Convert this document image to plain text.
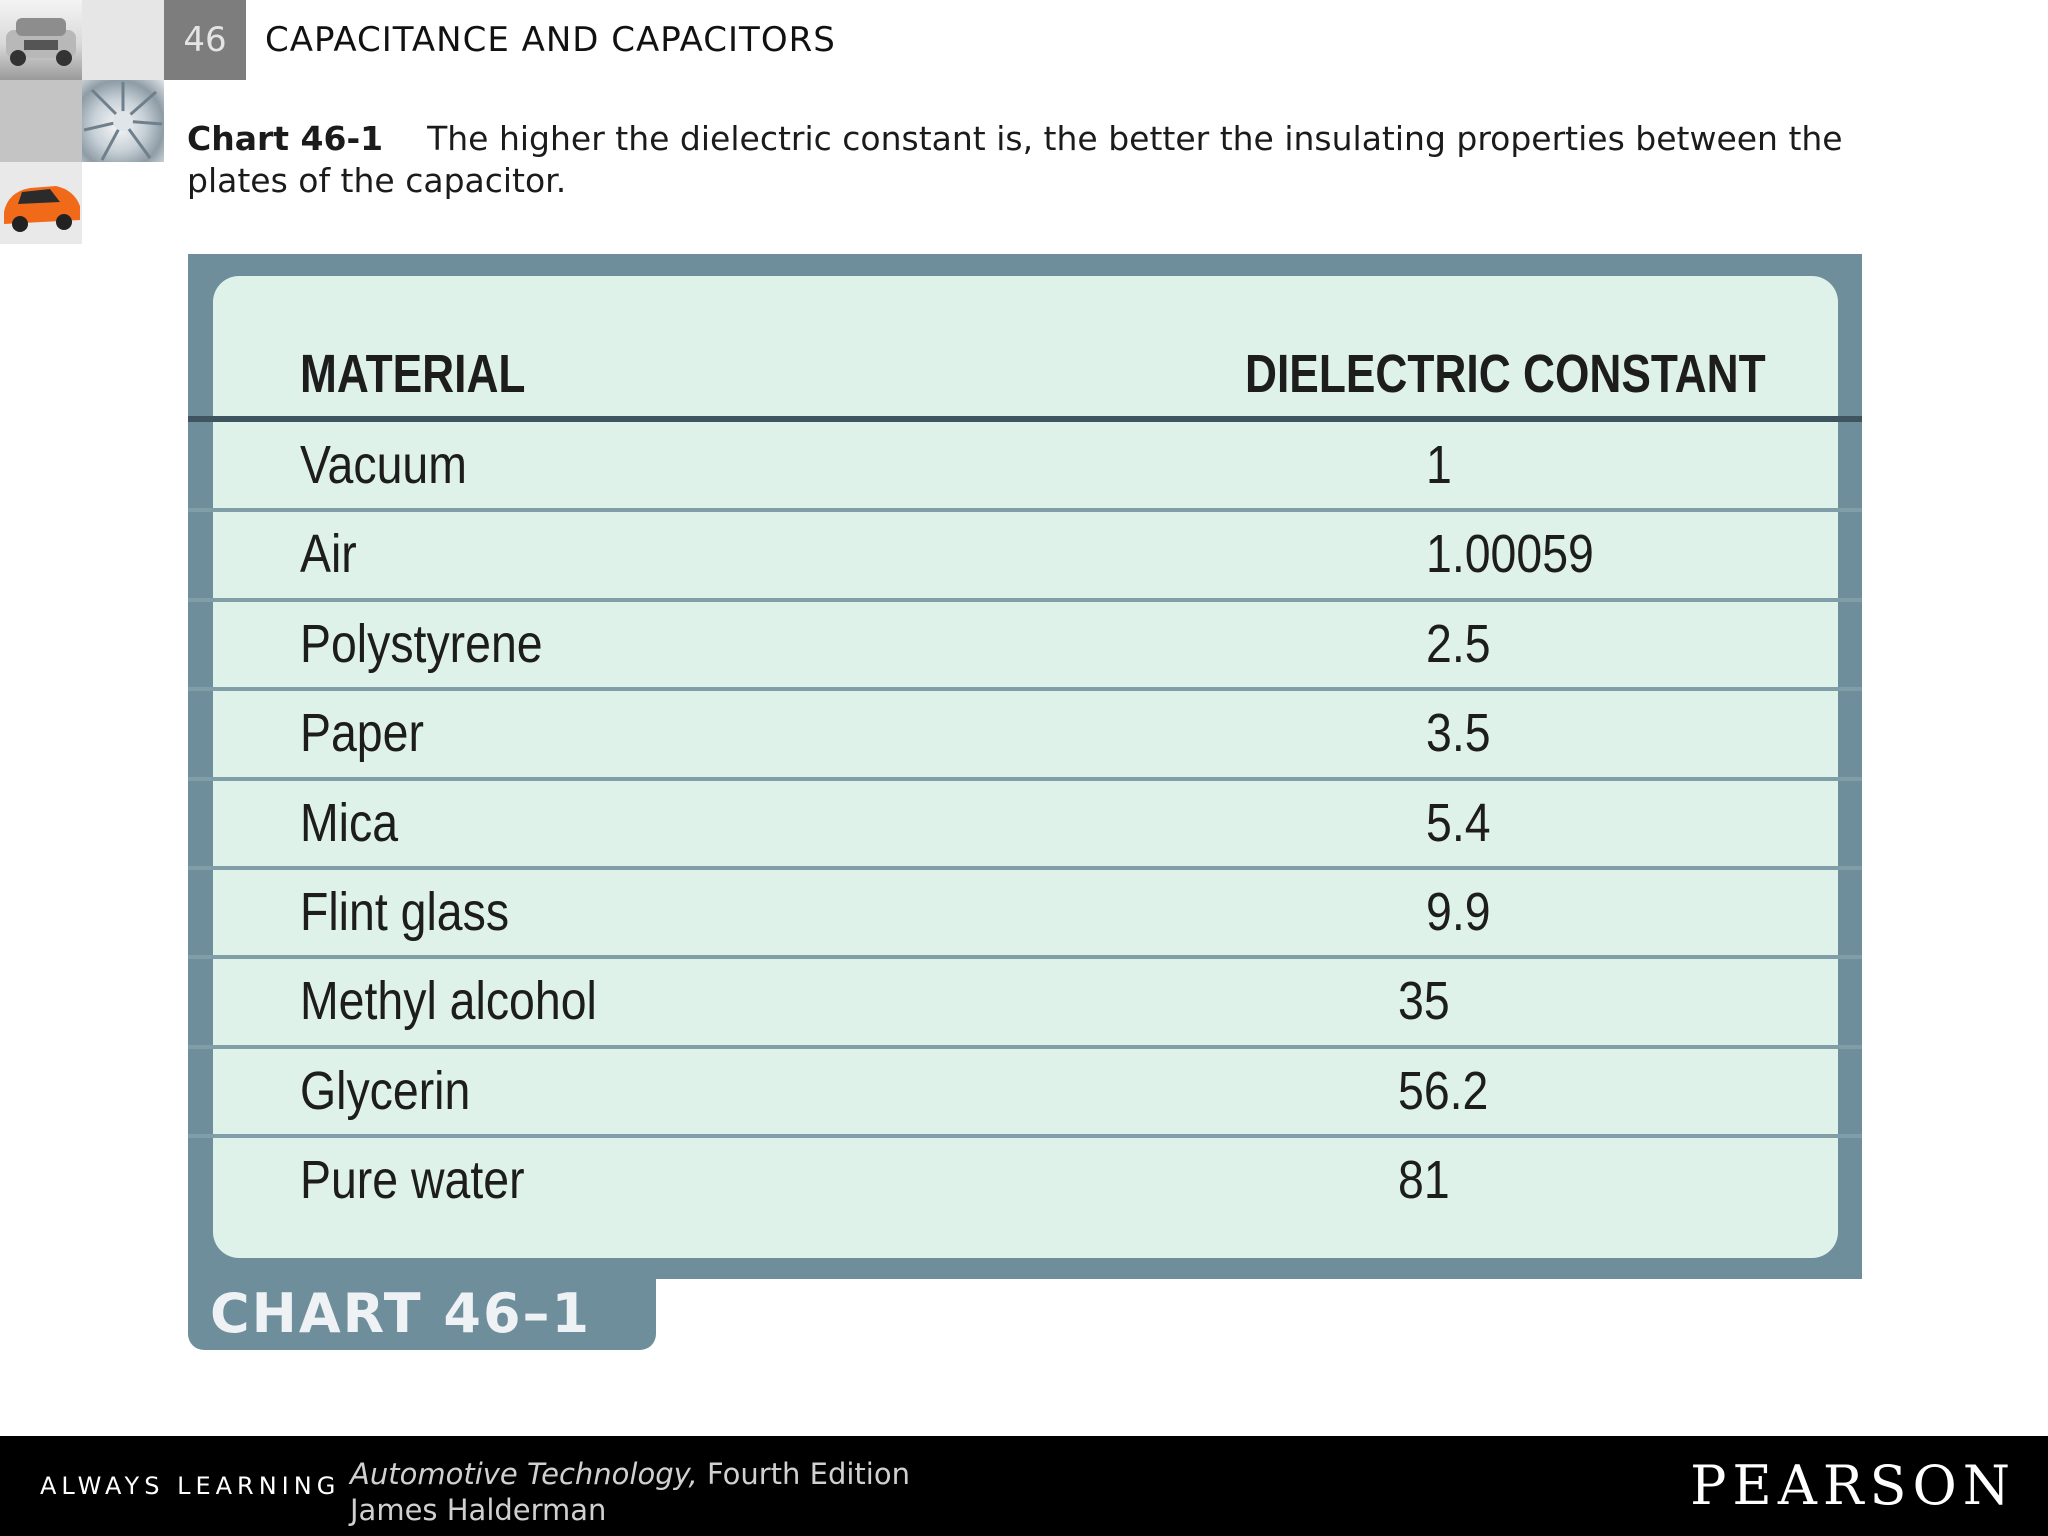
46	CAPACITANCE AND CAPACITORS
Chart 46-1 The higher the dielectric constant is, the better the insulating properties between the plates of the capacitor.
CHART 46–1
MATERIAL	DIELECTRIC CONSTANT
Vacuum	1
Air	1.00059
Polystyrene	2.5
Paper	3.5
Mica	5.4
Flint glass	9.9
Methyl alcohol	35
Glycerin	56.2
Pure water	81
ALWAYS LEARNING Automotive Technology, Fourth Edition
James Halderman	PEARSON
